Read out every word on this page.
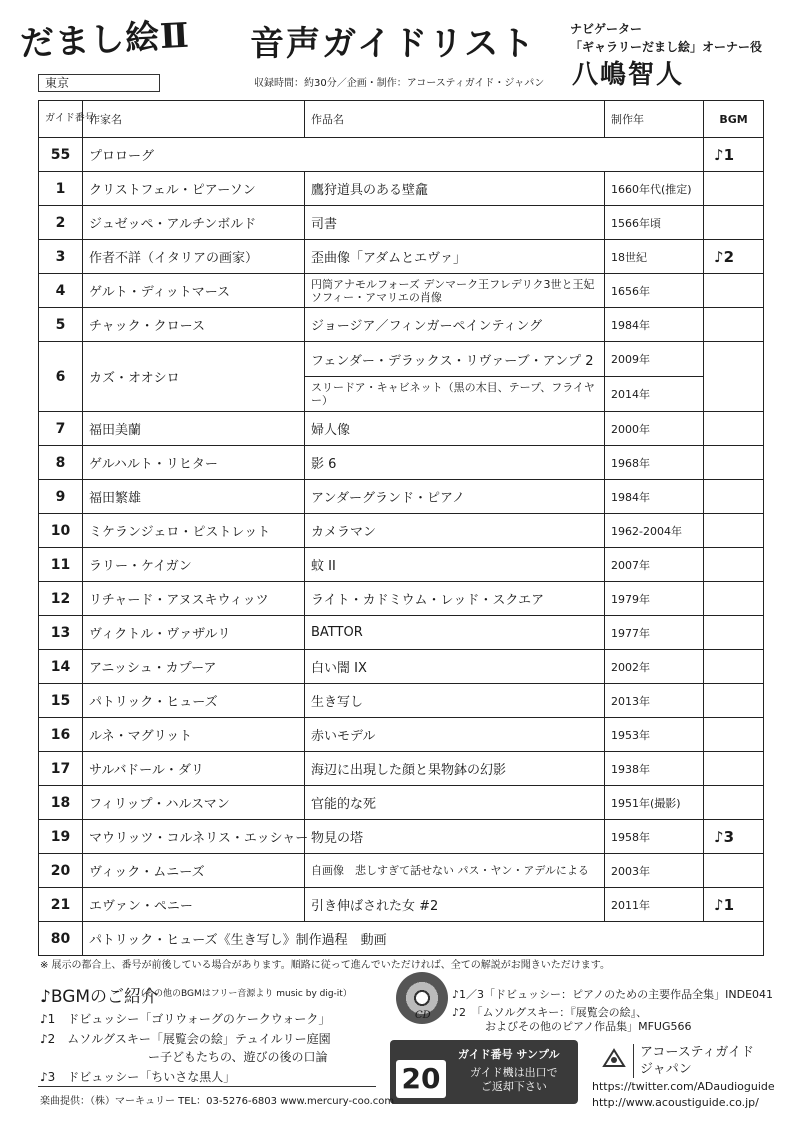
だまし絵Ⅱ
東京
音声ガイドリスト
収録時間：約30分／企画・制作：アコースティガイド・ジャパン
ナビゲーター
「ギャラリーだまし絵」オーナー役
八嶋智人
ガイド番号	作家名	作品名	制作年	BGM
55	プロローグ			♪1
1	クリストフェル・ピアーソン	鷹狩道具のある壁龕	1660年代(推定)	
2	ジュゼッペ・アルチンボルド	司書	1566年頃	
3	作者不詳（イタリアの画家）	歪曲像「アダムとエヴァ」	18世紀	♪2
4	ゲルト・ディットマース	円筒アナモルフォーズ デンマーク王フレデリク3世と王妃ソフィー・アマリエの肖像	1656年	
5	チャック・クロース	ジョージア／フィンガーペインティング	1984年	
6	カズ・オオシロ	フェンダー・デラックス・リヴァーブ・アンプ 2	2009年	
		スリードア・キャビネット（黒の木目、テープ、フライヤー）	2014年	
7	福田美蘭	婦人像	2000年	
8	ゲルハルト・リヒター	影 6	1968年	
9	福田繁雄	アンダーグランド・ピアノ	1984年	
10	ミケランジェロ・ピストレット	カメラマン	1962-2004年	
11	ラリー・ケイガン	蚊 II	2007年	
12	リチャード・アヌスキウィッツ	ライト・カドミウム・レッド・スクエア	1979年	
13	ヴィクトル・ヴァザルリ	BATTOR	1977年	
14	アニッシュ・カプーア	白い闇 IX	2002年	
15	パトリック・ヒューズ	生き写し	2013年	
16	ルネ・マグリット	赤いモデル	1953年	
17	サルバドール・ダリ	海辺に出現した顔と果物鉢の幻影	1938年	
18	フィリップ・ハルスマン	官能的な死	1951年(撮影)	
19	マウリッツ・コルネリス・エッシャー	物見の塔	1958年	♪3
20	ヴィック・ムニーズ	自画像　悲しすぎて話せない パス・ヤン・アデルによる	2003年	
21	エヴァン・ペニー	引き伸ばされた女 #2	2011年	♪1
80	パトリック・ヒューズ《生き写し》制作過程　動画			
※ 展示の都合上、番号が前後している場合があります。順路に従って進んでいただければ、全ての解説がお聞きいただけます。
♪BGMのご紹介
（その他のBGMはフリー音源より music by dig-it）
♪1　ドビュッシー「ゴリウォーグのケークウォーク」
♪2　ムソルグスキー「展覧会の絵」テュイルリー庭園
　　　　　　　　　ー子どもたちの、遊びの後の口論
♪3　ドビュッシー「ちいさな黒人」
CD
♪1／3「ドビュッシー：ピアノのための主要作品全集」INDE041
♪2　「ムソルグスキー：『展覧会の絵』、
　　　およびその他のピアノ作品集」MFUG566
20
ガイド番号 サンプル
ガイド機は出口で
ご返却下さい
アコースティガイド
ジャパン
https://twitter.com/ADaudioguide
http://www.acoustiguide.co.jp/
楽曲提供：（株）マーキュリー TEL：03-5276-6803 www.mercury-coo.com
